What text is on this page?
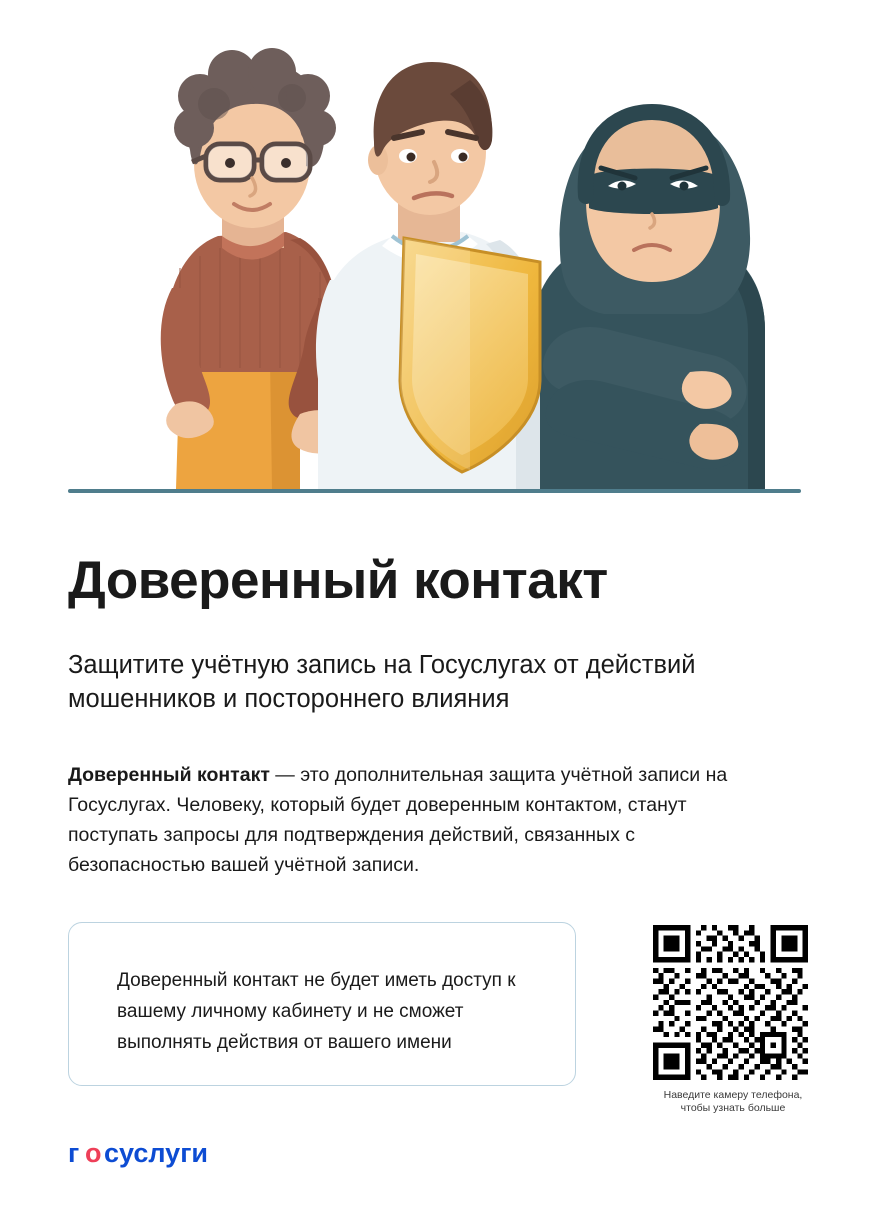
Доверенный контакт

Защитите учётную запись на Госуслугах от действий мошенников и постороннего влияния

Доверенный контакт — это дополнительная защита учётной записи на Госуслугах. Человеку, который будет доверенным контактом, станут поступать запросы для подтверждения действий, связанных с безопасностью вашей учётной записи.

Доверенный контакт не будет иметь доступ к вашему личному кабинету и не сможет выполнять действия от вашего имени
Наведите камеру телефона, чтобы узнать больше
г о суслуги
